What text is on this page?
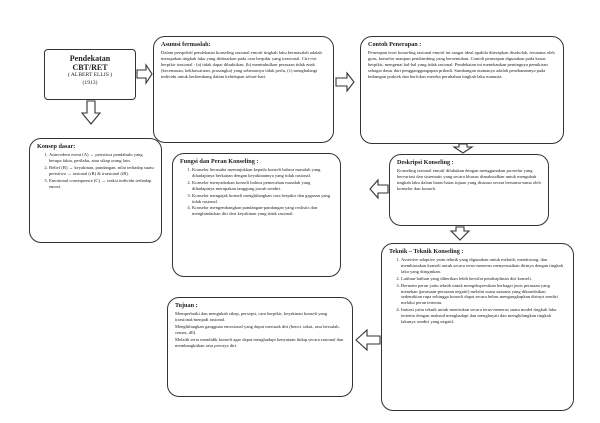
Pendekatan
CBT/RET
( ALBERT ELLIS )
(1913)
Asumsi fermaslah:
Dalam perspektif pendekatan konseling rasional emotif tingkah laku bermasalah adalah merupakan tingkah laku yang didasarkan pada cara berpikir yang irrasional. Ciri-ciri berpikir irasional : (a) tidak dapat dibuktikan, (b) menimbulkan perasaan tidak enak (kecemasan, kekhawatiran, prasangka) yang sebenarnya tidak perlu, (c) menghalangi individu untuk berkembang dalam kehidupan sehari-hari.
Contoh Penerapan :
Penerapan teori konseling rasional emotif ini sangat ideal apabila diterapkan disekolah, terutama oleh guru, konselor maupun pembimbing yang bersentuhan. Contoh penerapan digunakan pada kasus berpikir, mengenai hal-hal yang tidak rasional. Pendekatan ini menekankan pentingnya pemikiran sebagai dasar dari pengganggungapan pribadi. Sumbangan utamanya adalah penekanannya pada hubungan praktek dan berfokus mereka perubahan tingkah laku manusia.
Konsep dasar:
1. Antecedent event (A) → peristiwa pendahulu yang berupa fakta, perilaku, atau sikap orang lain.
2. Belief (B) → keyakinan, pandangan, nilai terhadap suatu peristiwa → rasional (rB) & irrasional (iB).
3. Emotional consequence (C) → reaksi individu terhadap emosi.
Fungsi dan Peran Konseling :
1. Konselor berusaha menunjukkan kepada konseli bahwa masalah yang dihadapinya berkaitan dengan keyakinannya yang tidak rasional.
2. Konselor menyadarkan konseli bahwa pemecahan masalah yang dihadapinya merupakan tanggung jawab sendiri.
3. Konselor mengajak konseli menghilangkan cara berpikir dan gagasan yang tidak rasional.
4. Konselor mengembangkan pandangan-pandangan yang realistis dan menghindarkan diri dari keyakinan yang tidak rasional.
Deskripsi Konseling :
Konseling rasional emotif dilakukan dengan menggunakan prosedur yang bervariasi dan sistematis yang secara khusus dimaksudkan untuk mengubah tingkah laku dalam batas-batas tujuan yang disusun secara bersama-sama oleh konselor dan konseli.
Teknik – Teknik Konseling :
1. Assertive adaptive yaitu teknik yang digunakan untuk melatih, mendorong, dan membiasakan konseli untuk secara terus-menerus menyesuaikan dirinya dengan tingkah laku yang diinginkan.
2. Latihan-latihan yang diberikan lebih bersifat pendisiplinan diri konseli.
3. Bermain peran yaitu teknik untuk mengekspresikan berbagai jenis perasaan yang menekan (perasaan-perasaan negatif) melalui suatu suasana yang dikondisikan sedemikian rupa sehingga konseli dapat secara bebas mengungkapkan dirinya sendiri melalui peran tertentu.
4. Imitasi yaitu teknik untuk menirukan secara terus-menerus suatu model tingkah laku tertentu dengan maksud menghadapi dan menghayati dan menghilangkan tingkah lakunya sendiri yang negatif.
Tujuan :
Memperbaiki dan mengubah sikap, persepsi, cara berpikir, keyakinan konseli yang irrasional/menjadi rasional.
Menghilangkan gangguan emosional yang dapat merusak diri (benci, takut, rasa bersalah, cemas, dll).
Melatih serta mendidik konseli agar dapat menghadapi kenyataan hidup secara rasional dan membangkitkan rasa percaya diri.
